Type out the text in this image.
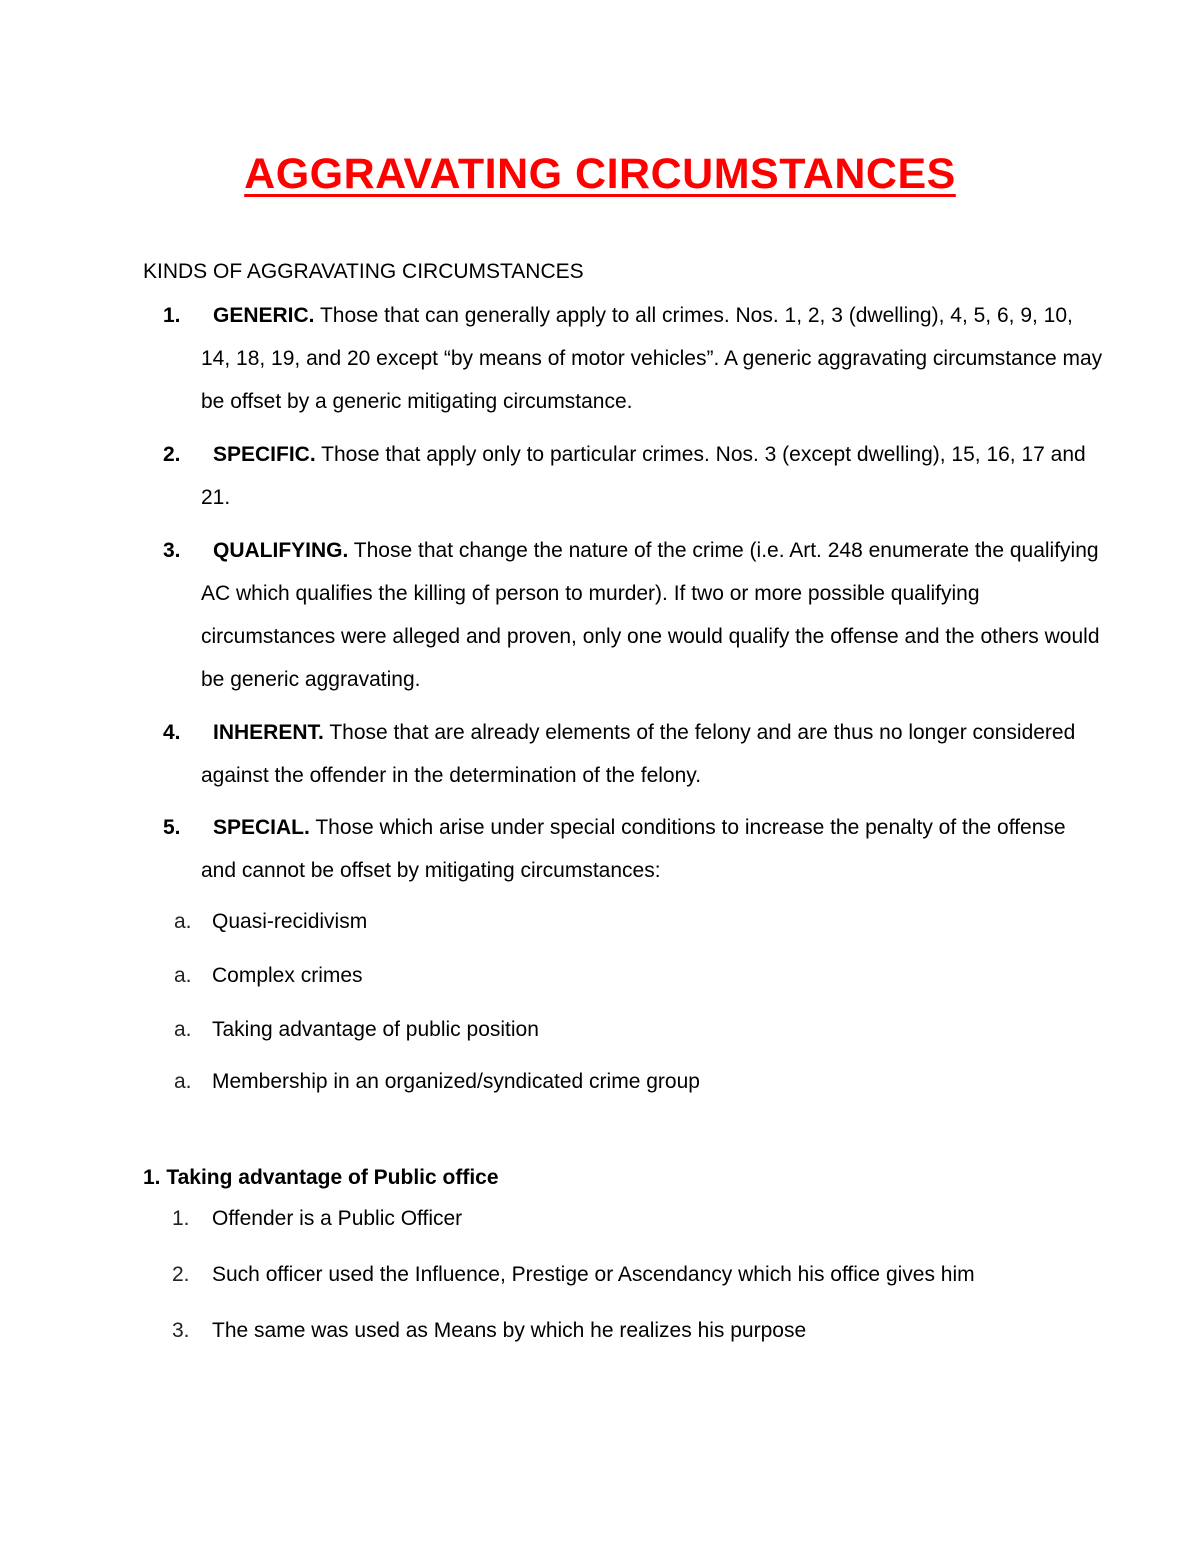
AGGRAVATING CIRCUMSTANCES
KINDS OF AGGRAVATING CIRCUMSTANCES
1.	GENERIC. Those that can generally apply to all crimes. Nos. 1, 2, 3 (dwelling), 4, 5, 6, 9, 10, 14, 18, 19, and 20 except “by means of motor vehicles”. A generic aggravating circumstance may be offset by a generic mitigating circumstance.
2.	SPECIFIC. Those that apply only to particular crimes. Nos. 3 (except dwelling), 15, 16, 17 and 21.
3.	QUALIFYING. Those that change the nature of the crime (i.e. Art. 248 enumerate the qualifying AC which qualifies the killing of person to murder). If two or more possible qualifying circumstances were alleged and proven, only one would qualify the offense and the others would be generic aggravating.
4.	INHERENT. Those that are already elements of the felony and are thus no longer considered against the offender in the determination of the felony.
5.	SPECIAL. Those which arise under special conditions to increase the penalty of the offense and cannot be offset by mitigating circumstances:
a. Quasi-recidivism
a. Complex crimes
a. Taking advantage of public position
a. Membership in an organized/syndicated crime group
1. Taking advantage of Public office
1. Offender is a Public Officer
2. Such officer used the Influence, Prestige or Ascendancy which his office gives him
3. The same was used as Means by which he realizes his purpose
